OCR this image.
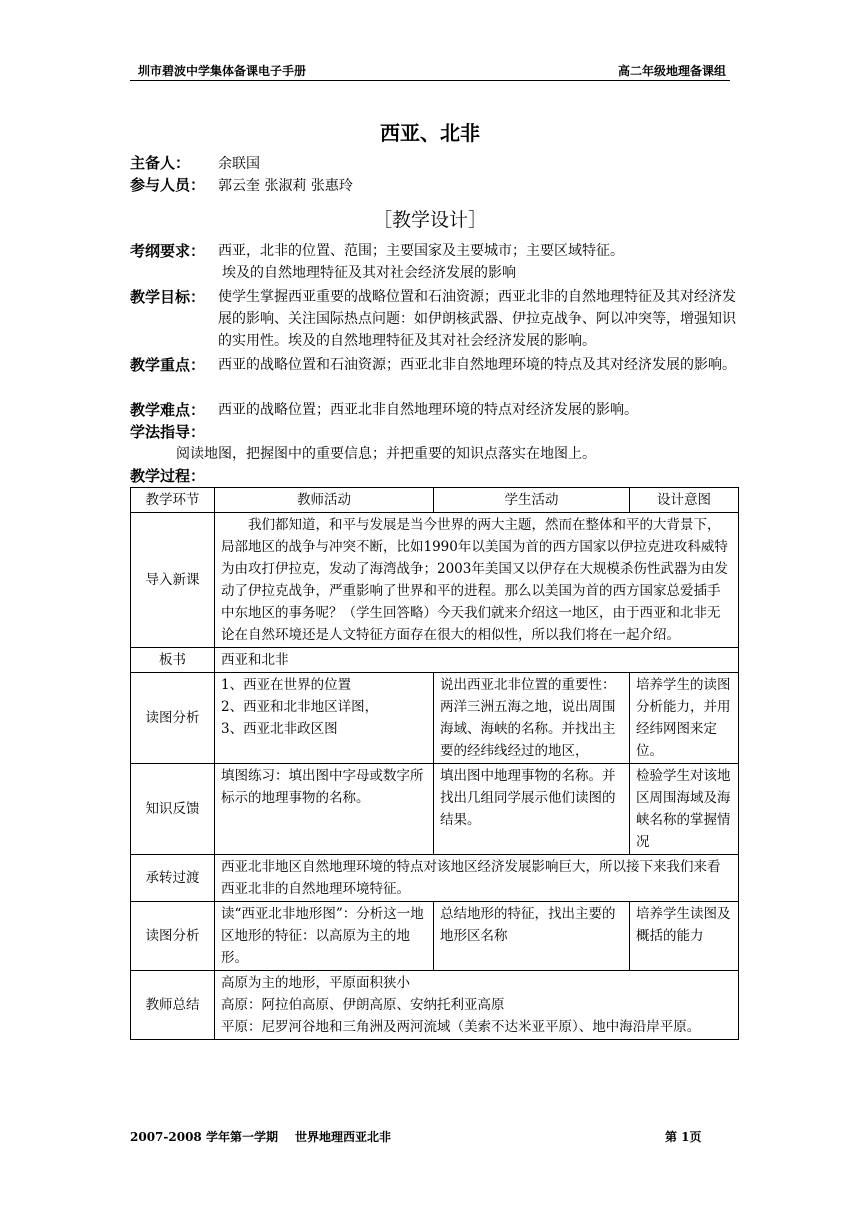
圳市碧波中学集体备课电子手册	高二年级地理备课组
西亚、北非
主备人： 余联国
参与人员： 郭云奎 张淑莉 张惠玲
［教学设计］
考纲要求： 西亚，北非的位置、范围；主要国家及主要城市；主要区域特征。
埃及的自然地理特征及其对社会经济发展的影响
教学目标： 使学生掌握西亚重要的战略位置和石油资源；西亚北非的自然地理特征及其对经济发展的影响、关注国际热点问题：如伊朗核武器、伊拉克战争、阿以冲突等，增强知识的实用性。埃及的自然地理特征及其对社会经济发展的影响。
教学重点： 西亚的战略位置和石油资源；西亚北非自然地理环境的特点及其对经济发展的影响。
教学难点： 西亚的战略位置；西亚北非自然地理环境的特点对经济发展的影响。
学法指导：
阅读地图，把握图中的重要信息；并把重要的知识点落实在地图上。
教学过程：
教学环节	教师活动	学生活动	设计意图
导入新课	我们都知道，和平与发展是当今世界的两大主题，然而在整体和平的大背景下，局部地区的战争与冲突不断，比如1990年以美国为首的西方国家以伊拉克进攻科威特为由攻打伊拉克，发动了海湾战争；2003年美国又以伊存在大规模杀伤性武器为由发动了伊拉克战争，严重影响了世界和平的进程。那么以美国为首的西方国家总爱插手中东地区的事务呢？（学生回答略）今天我们就来介绍这一地区，由于西亚和北非无论在自然环境还是人文特征方面存在很大的相似性，所以我们将在一起介绍。		
板书	西亚和北非		
读图分析	1、西亚在世界的位置
2、西亚和北非地区详图，
3、西亚北非政区图	说出西亚北非位置的重要性：两洋三洲五海之地，说出周围海域、海峡的名称。并找出主要的经纬线经过的地区，	培养学生的读图分析能力，并用经纬网图来定位。
知识反馈	填图练习：填出图中字母或数字所标示的地理事物的名称。	填出图中地理事物的名称。并找出几组同学展示他们读图的结果。	检验学生对该地区周围海域及海峡名称的掌握情况
承转过渡	西亚北非地区自然地理环境的特点对该地区经济发展影响巨大，所以接下来我们来看西亚北非的自然地理环境特征。		
读图分析	读“西亚北非地形图”：分析这一地区地形的特征：以高原为主的地形。	总结地形的特征，找出主要的地形区名称	培养学生读图及概括的能力
教师总结	高原为主的地形，平原面积狭小
高原：阿拉伯高原、伊朗高原、安纳托利亚高原
平原：尼罗河谷地和三角洲及两河流域（美索不达米亚平原）、地中海沿岸平原。		
2007-2008 学年第一学期 世界地理西亚北非	第 1页
